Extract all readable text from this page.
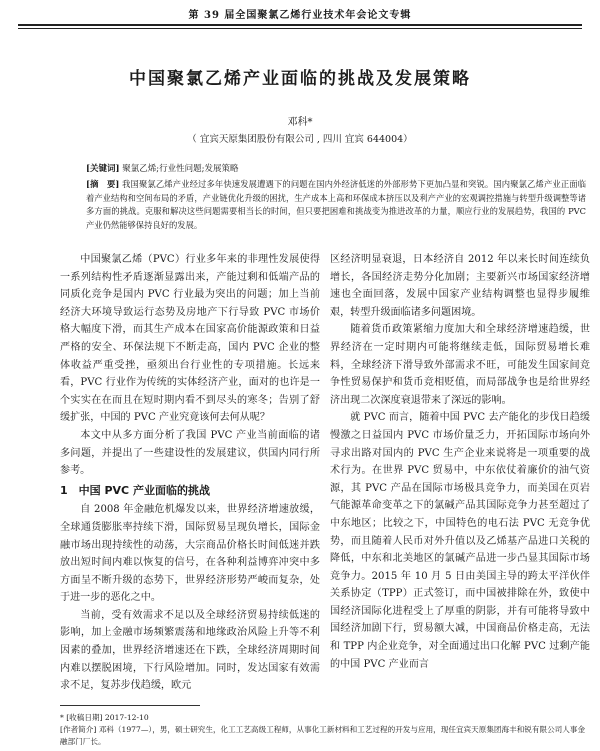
第 39 届全国聚氯乙烯行业技术年会论文专辑
中国聚氯乙烯产业面临的挑战及发展策略
邓科*
（ 宜宾天原集团股份有限公司 , 四川 宜宾 644004）
[关键词] 聚氯乙烯;行业性问题;发展策略
[摘　要] 我国聚氯乙烯产业经过多年快速发展遭遇下的问题在国内外经济低迷的外部形势下更加凸显和突锐。国内聚氯乙烯产业正面临着产业结构和空间布局的矛盾，产业链优化升级的困扰，生产成本上高和环保成本挤压以及利产产业的宏观调控措施与转型升级调整等诸多方面的挑战。克服和解决这些问题需要相当长的时间，但只要把困难和挑战变为推进改革的力量，顺应行业的发展趋势，我国的 PVC 产业仍然能够保持良好的发展。

中国聚氯乙烯（PVC）行业多年来的非理性发展使得一系列结构性矛盾逐渐显露出来，产能过剩和低端产品的同质化竞争是国内 PVC 行业最为突出的问题；加上当前经济大环境导致运行态势及房地产下行导致 PVC 市场价格大幅度下滑，而其生产成本在国家高价能源政策和日益严格的安全、环保法规下不断走高，国内 PVC 企业的整体收益严重受挫，亟须出台行业性的专项措施。长远来看，PVC 行业作为传统的实体经济产业，面对的也许是一个实实在在而且在短时期内看不到尽头的寒冬；告别了舒缓扩张，中国的 PVC 产业究竟该何去何从呢？

本文中从多方面分析了我国 PVC 产业当前面临的诸多问题，并提出了一些建设性的发展建议，供国内同行所参考。

1　中国 PVC 产业面临的挑战

自 2008 年金融危机爆发以来，世界经济增速放缓，全球通货膨胀率持续下滑，国际贸易呈现负增长，国际金融市场出现持续性的动荡，大宗商品价格长时间低迷并跌放出短时间内难以恢复的信号，在各种利益博弈冲突中多方面呈不断升级的态势下，世界经济形势严峻而复杂，处于进一步的恶化之中。

当前，受有效需求不足以及全球经济贸易持续低迷的影响，加上金融市场频繁震荡和地缘政治风险上升等不利因素的叠加，世界经济增速还在下跌，全球经济周期时间内难以摆脱困境，下行风险增加。同时，发达国家有效需求不足，复苏步伐趋缓，欧元

区经济明显衰退，日本经济自 2012 年以来长时间连续负增长，各国经济走势分化加剧；主要新兴市场国家经济增速也全面回落，发展中国家产业结构调整也显得步履维艰，转型升级面临诸多问题困境。

随着货币政策紧缩力度加大和全球经济增速趋缓，世界经济在一定时期内可能将继续走低，国际贸易增长难料，全球经济下滑导致外部需求不旺，可能发生国家间竞争性贸易保护和货币竞相贬值，而局部战争也是给世界经济出现二次深度衰退带来了深远的影响。

就 PVC 而言，随着中国 PVC 去产能化的步伐日趋缓慢激之日益国内 PVC 市场价量乏力，开拓国际市场向外寻求出路对国内的 PVC 生产企业来说将是一项重要的战术行为。在世界 PVC 贸易中，中东依仗着廉价的油气资源，其 PVC 产品在国际市场极具竞争力，而美国在页岩气能源革命变革之下的氯碱产品其国际竞争力甚至超过了中东地区；比较之下，中国特色的电石法 PVC 无竞争优势，而且随着人民币对外升值以及乙烯基产品进口关税的降低，中东和北美地区的氯碱产品进一步凸显其国际市场竞争力。2015 年 10 月 5 日由美国主导的跨太平洋伙伴关系协定（TPP）正式签订，而中国被排除在外，致使中国经济国际化进程受上了厚重的阴影，并有可能将导致中国经济加剧下行，贸易额大减，中国商品价格走高，无法和 TPP 内企业竞争，对全面通过出口化解 PVC 过剩产能的中国 PVC 产业而言

* [收稿日期] 2017-12-10

[作者简介] 邓科（1977—），男，硕士研究生，化工工艺高级工程师，从事化工新材料和工艺过程的开发与应用，现任宜宾天原集团海丰和锐有限公司人事金融部门厂长。
